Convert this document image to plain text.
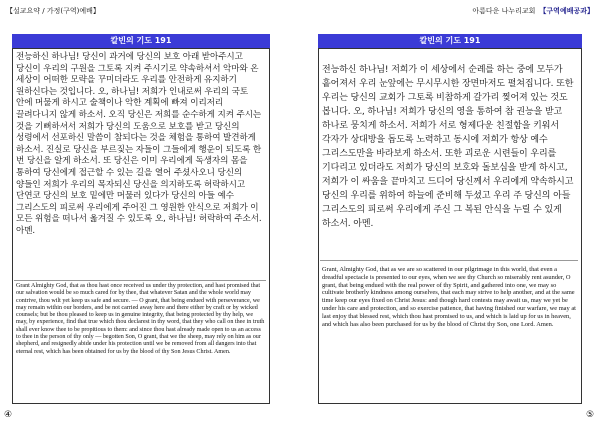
【설교요약 / 가정(구역)예배】
칼빈의 기도 191
전능하신 하나님! 당신이 과거에 당신의 보호 아래 받아주시고 당신이 우리의 구원을 그토록 지켜 주시기로 약속하셔서 악마와 온 세상이 어떠한 모략을 꾸미더라도 우리를 안전하게 유지하기 원하신다는 것입니다. 오, 하나님! 저희가 인내로써 우리의 국토 안에 머물게 하시고 술책이나 악한 계획에 빠져 이리저리 끌려다니지 않게 하소서. 오직 당신은 저희를 순수하게 지켜 주시는 것을 기뻐하셔서 저희가 당신의 도움으로 보호를 받고 당신의 성령에서 선포하신 말씀이 참되다는 것을 체험을 통하여 발견하게 하소서. 진실로 당신을 부르짖는 자들이 그들에게 행운이 되도록 한 번 당신을 알게 하소서. 또 당신은 이미 우리에게 독생자의 몸을 통하여 당신에게 접근할 수 있는 길을 열어 주셨사오니 당신의 양들인 저희가 우리의 목자되신 당신을 의지하도록 허락하시고 단연코 당신의 보호 밑에만 머물러 있다가 당신의 아들 예수 그리스도의 피로써 우리에게 주어진 그 영원한 안식으로 저희가 이 모든 위험을 떠나서 옮겨질 수 있도록 오, 하나님! 허락하여 주소서. 아멘.
Grant Almighty God, that as thou hast once received us under thy protection, and hast promised that our salvation would be so much cared for by thee, that whatever Satan and the whole world may contrive, thou wilt yet keep us safe and secure. — O grant, that being endued with perseverance, we may remain within our borders, and be not carried away here and there either by craft or by wicked counsels; but be thou pleased to keep us in genuine integrity, that being protected by thy help, we may, by experience, find that true which thou declarest in thy word, that they who call on thee in truth shall ever know thee to be propitious to them: and since thou hast already made open to us an access to thee in the person of thy only — begotten Son, O grant, that we the sheep, may rely on him as our shepherd, and resignedly abide under his protection until we be removed from all dangers into that eternal rest, which has been obtained for us by the blood of thy Son Jesus Christ. Amen.
④
아름다운 나누리교회 【구역예배공과】
칼빈의 기도 191
전능하신 하나님! 저희가 이 세상에서 순례를 하는 중에 모두가 흩어져서 우리 눈앞에는 무시무시한 장면마저도 펼쳐집니다. 또한 우리는 당신의 교회가 그토록 비참하게 갈가리 찢어져 있는 것도 봅니다. 오, 하나님! 저희가 당신의 영을 통하여 참 권능을 받고 하나로 뭉치게 하소서. 저희가 서로 형제다운 친절함을 키워서 각자가 상대방을 돕도록 노력하고 동시에 저희가 항상 예수 그리스도만을 바라보게 하소서. 또한 괴로운 시련들이 우리를 기다리고 있더라도 저희가 당신의 보호와 돌보심을 받게 하시고, 저희가 이 싸움을 끝마치고 드디어 당신께서 우리에게 약속하시고 당신의 우리를 위하여 하늘에 준비해 두셨고 우리 주 당신의 아들 그리스도의 피로써 우리에게 주신 그 복된 안식을 누릴 수 있게 하소서. 아멘.
Grant, Almighty God, that as we are so scattered in our pilgrimage in this world, that even a dreadful spectacle is presented to our eyes, when we see thy Church so miserably rent asunder, O grant, that being endued with the real power of thy Spirit, and gathered into one, we may so cultivate brotherly kindness among ourselves, that each may strive to help another, and at the same time keep our eyes fixed on Christ Jesus: and though hard contests may await us, may we yet be under his care and protection, and so exercise patience, that having finished our warfare, we may at last enjoy that blessed rest, which thou hast promised to us, and which is laid up for us in heaven, and which has also been purchased for us by the blood of Christ thy Son, one Lord. Amen.
⑤
